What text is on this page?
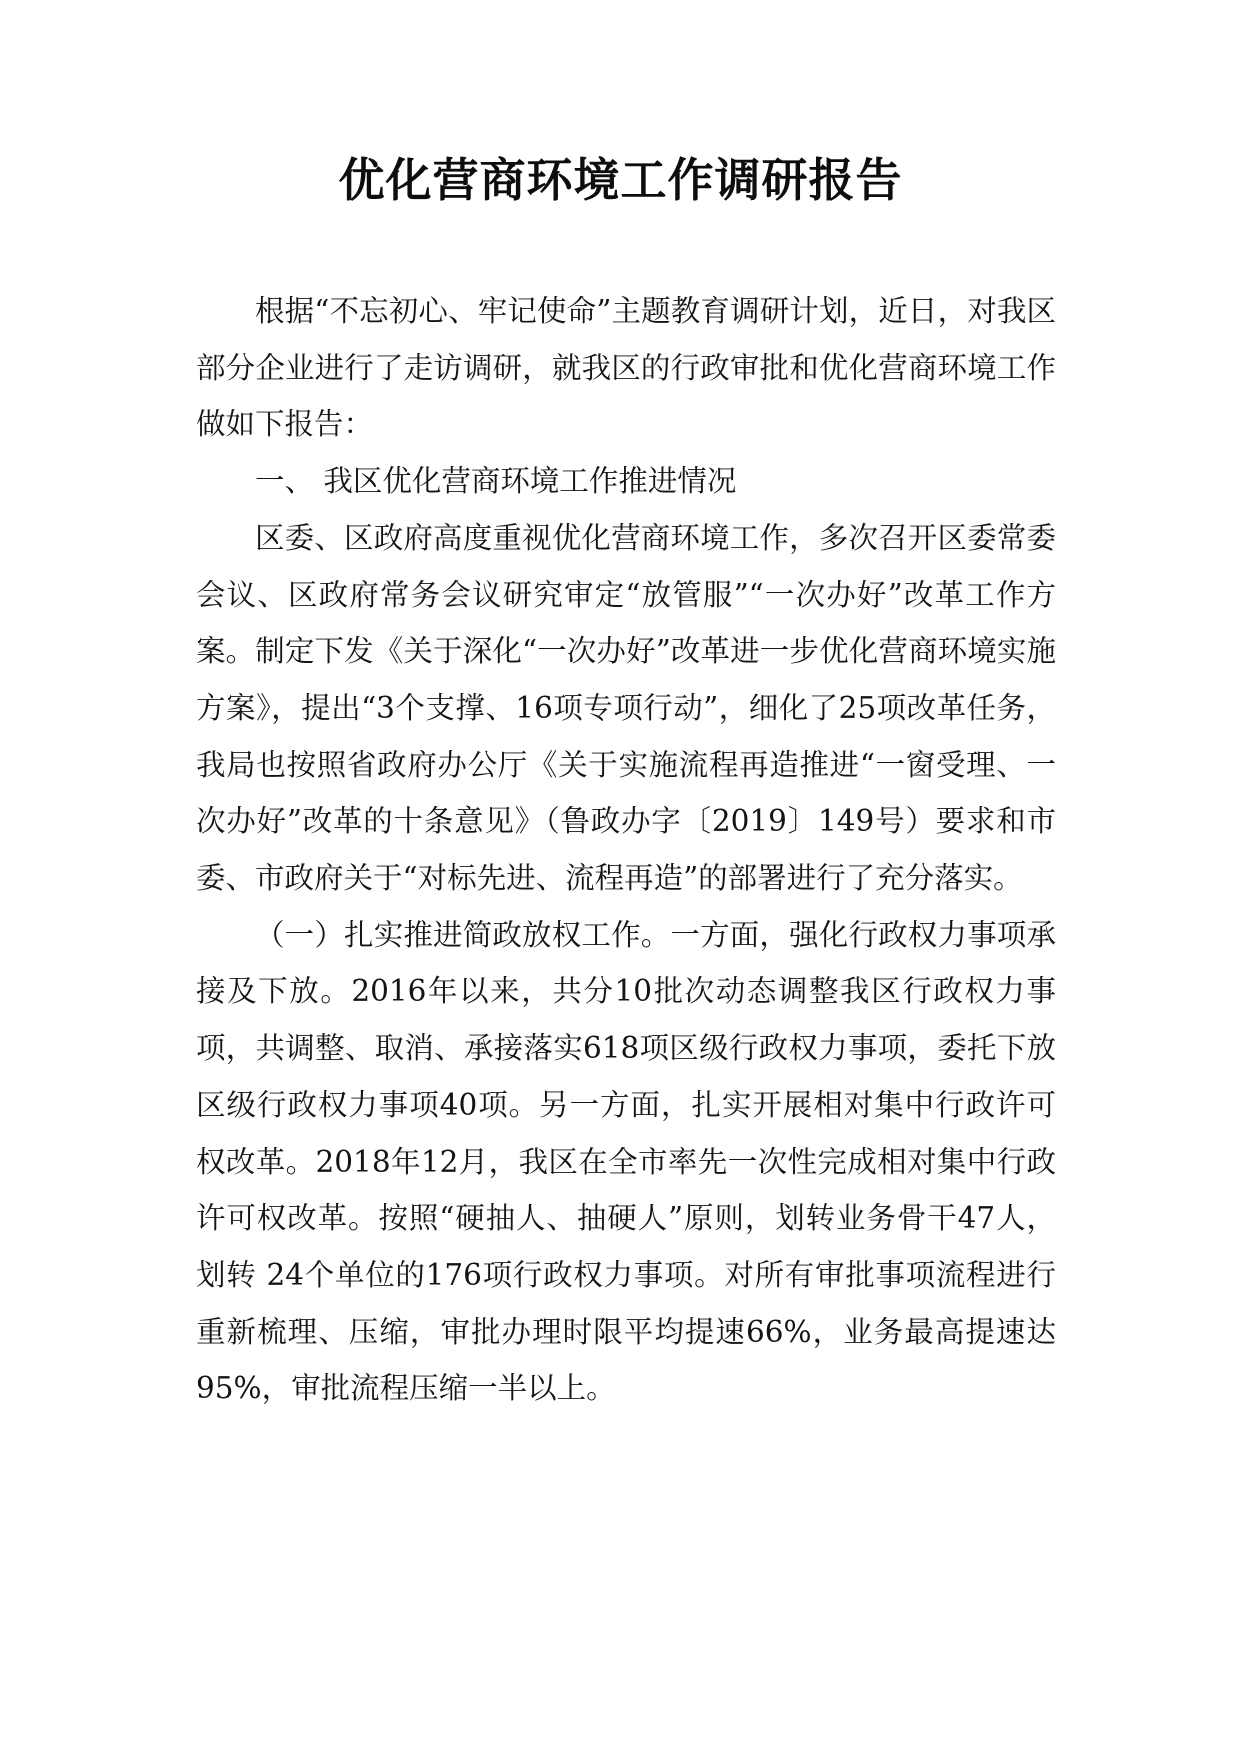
优化营商环境工作调研报告

根据“不忘初心、牢记使命”主题教育调研计划，近日，对我区部分企业进行了走访调研，就我区的行政审批和优化营商环境工作做如下报告：

一、 我区优化营商环境工作推进情况

区委、区政府高度重视优化营商环境工作，多次召开区委常委会议、区政府常务会议研究审定“放管服”“一次办好”改革工作方案。制定下发《关于深化“一次办好”改革进一步优化营商环境实施方案》，提出“3个支撑、16项专项行动”，细化了25项改革任务，我局也按照省政府办公厅《关于实施流程再造推进“一窗受理、一次办好”改革的十条意见》（鲁政办字〔2019〕149号）要求和市委、市政府关于“对标先进、流程再造”的部署进行了充分落实。

（一）扎实推进简政放权工作。一方面，强化行政权力事项承接及下放。2016年以来，共分10批次动态调整我区行政权力事项，共调整、取消、承接落实618项区级行政权力事项，委托下放区级行政权力事项40项。另一方面，扎实开展相对集中行政许可权改革。2018年12月，我区在全市率先一次性完成相对集中行政许可权改革。按照“硬抽人、抽硬人”原则，划转业务骨干47人，划转 24个单位的176项行政权力事项。对所有审批事项流程进行重新梳理、压缩，审批办理时限平均提速66%，业务最高提速达95%，审批流程压缩一半以上。
